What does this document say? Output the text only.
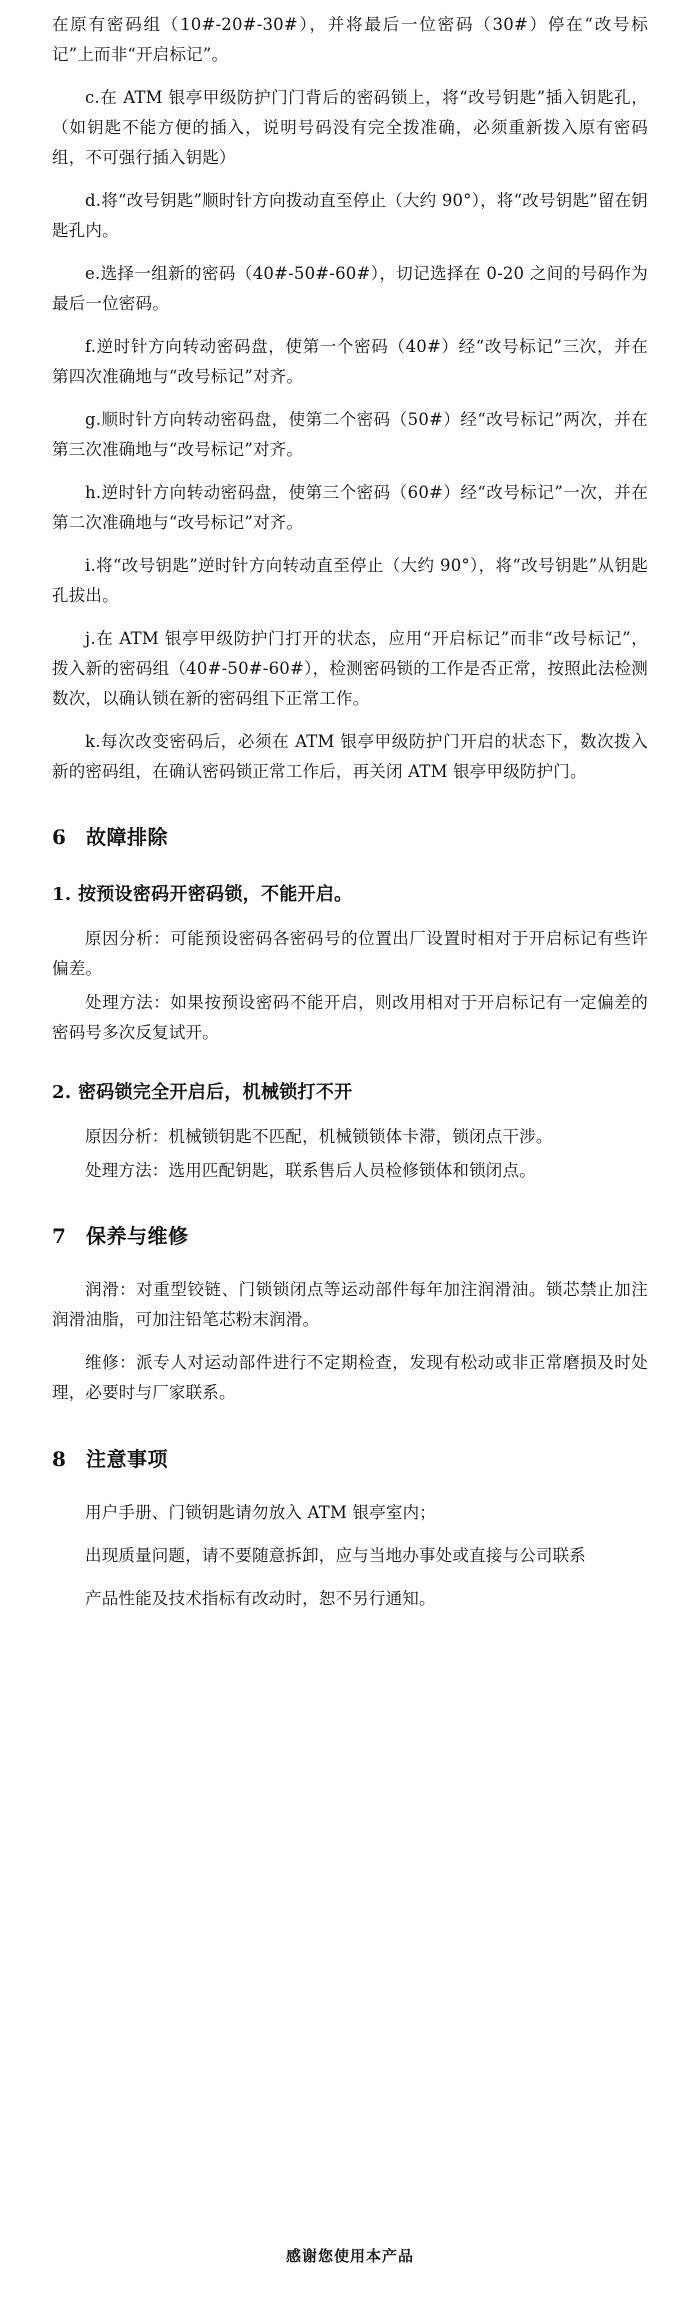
在原有密码组（10#-20#-30#），并将最后一位密码（30#）停在“改号标记”上而非“开启标记”。

c.在 ATM 银亭甲级防护门门背后的密码锁上，将“改号钥匙”插入钥匙孔，（如钥匙不能方便的插入，说明号码没有完全拨准确，必须重新拨入原有密码组，不可强行插入钥匙）

d.将“改号钥匙”顺时针方向拨动直至停止（大约 90°），将“改号钥匙”留在钥匙孔内。

e.选择一组新的密码（40#-50#-60#），切记选择在 0-20 之间的号码作为最后一位密码。

f.逆时针方向转动密码盘，使第一个密码（40#）经“改号标记”三次，并在第四次准确地与“改号标记”对齐。

g.顺时针方向转动密码盘，使第二个密码（50#）经“改号标记”两次，并在第三次准确地与“改号标记”对齐。

h.逆时针方向转动密码盘，使第三个密码（60#）经“改号标记”一次，并在第二次准确地与“改号标记”对齐。

i.将“改号钥匙”逆时针方向转动直至停止（大约 90°），将“改号钥匙”从钥匙孔拔出。

j.在 ATM 银亭甲级防护门打开的状态，应用“开启标记”而非“改号标记”，拨入新的密码组（40#-50#-60#），检测密码锁的工作是否正常，按照此法检测数次，以确认锁在新的密码组下正常工作。

k.每次改变密码后，必须在 ATM 银亭甲级防护门开启的状态下，数次拨入新的密码组，在确认密码锁正常工作后，再关闭 ATM 银亭甲级防护门。

6 故障排除
1. 按预设密码开密码锁，不能开启。

原因分析：可能预设密码各密码号的位置出厂设置时相对于开启标记有些许偏差。

处理方法：如果按预设密码不能开启，则改用相对于开启标记有一定偏差的密码号多次反复试开。

2. 密码锁完全开启后，机械锁打不开

原因分析：机械锁钥匙不匹配，机械锁锁体卡滞，锁闭点干涉。

处理方法：选用匹配钥匙，联系售后人员检修锁体和锁闭点。

7 保养与维修

润滑：对重型铰链、门锁锁闭点等运动部件每年加注润滑油。锁芯禁止加注润滑油脂，可加注铅笔芯粉末润滑。

维修：派专人对运动部件进行不定期检查，发现有松动或非正常磨损及时处理，必要时与厂家联系。

8 注意事项

用户手册、门锁钥匙请勿放入 ATM 银亭室内；

出现质量问题，请不要随意拆卸，应与当地办事处或直接与公司联系

产品性能及技术指标有改动时，恕不另行通知。

感谢您使用本产品
